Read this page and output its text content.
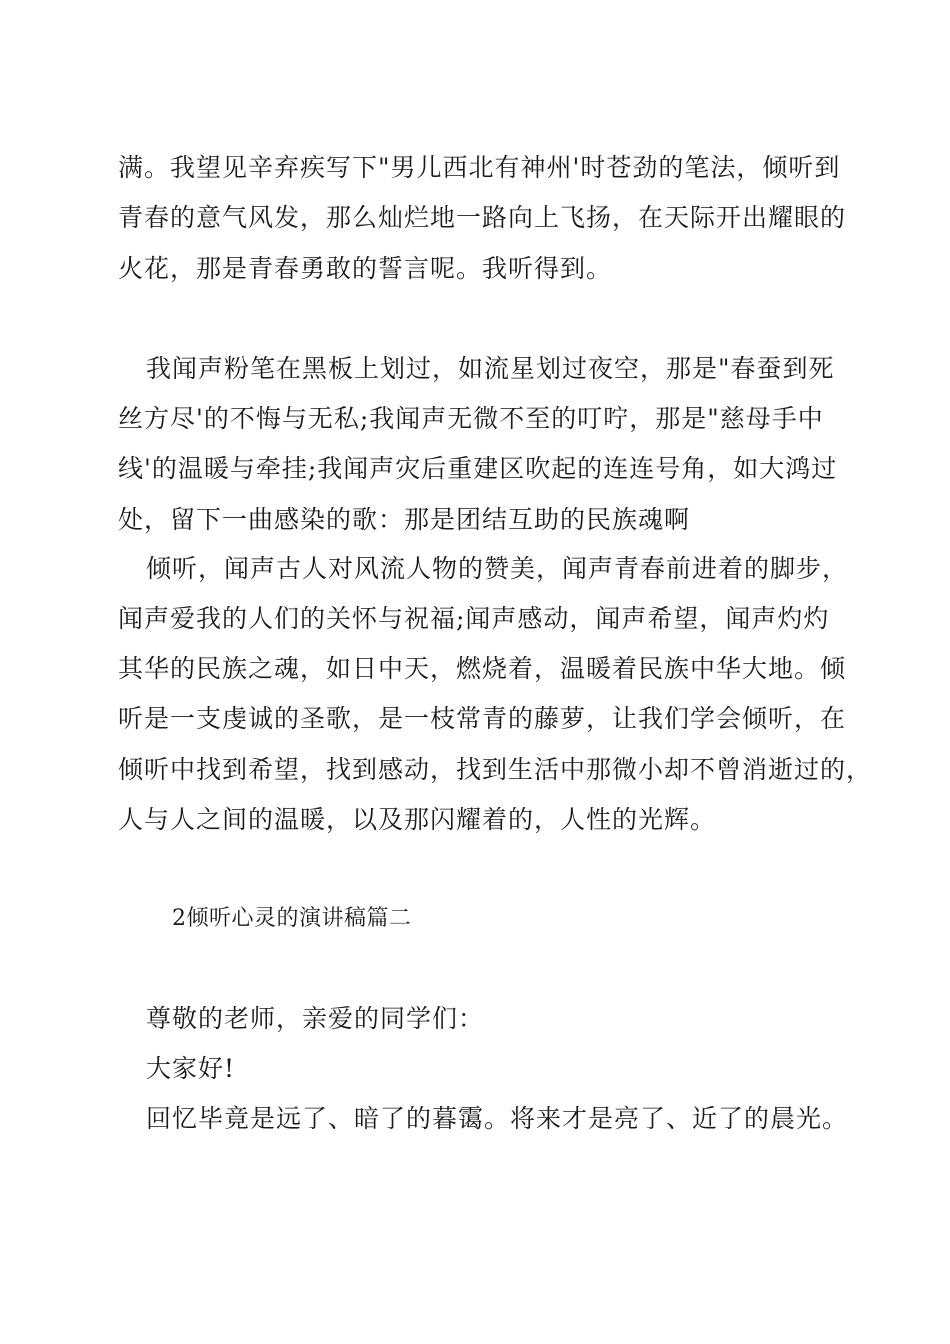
满。我望见辛弃疾写下"男儿西北有神州'时苍劲的笔法，倾听到
青春的意气风发，那么灿烂地一路向上飞扬，在天际开出耀眼的
火花，那是青春勇敢的誓言呢。我听得到。
我闻声粉笔在黑板上划过，如流星划过夜空，那是"春蚕到死
丝方尽'的不悔与无私;我闻声无微不至的叮咛，那是"慈母手中
线'的温暖与牵挂;我闻声灾后重建区吹起的连连号角，如大鸿过
处，留下一曲感染的歌：那是团结互助的民族魂啊
倾听，闻声古人对风流人物的赞美，闻声青春前进着的脚步，
闻声爱我的人们的关怀与祝福;闻声感动，闻声希望，闻声灼灼
其华的民族之魂，如日中天，燃烧着，温暖着民族中华大地。倾
听是一支虔诚的圣歌，是一枝常青的藤萝，让我们学会倾听，在
倾听中找到希望，找到感动，找到生活中那微小却不曾消逝过的，
人与人之间的温暖，以及那闪耀着的，人性的光辉。
2倾听心灵的演讲稿篇二
尊敬的老师，亲爱的同学们：
大家好!
回忆毕竟是远了、暗了的暮霭。将来才是亮了、近了的晨光。
